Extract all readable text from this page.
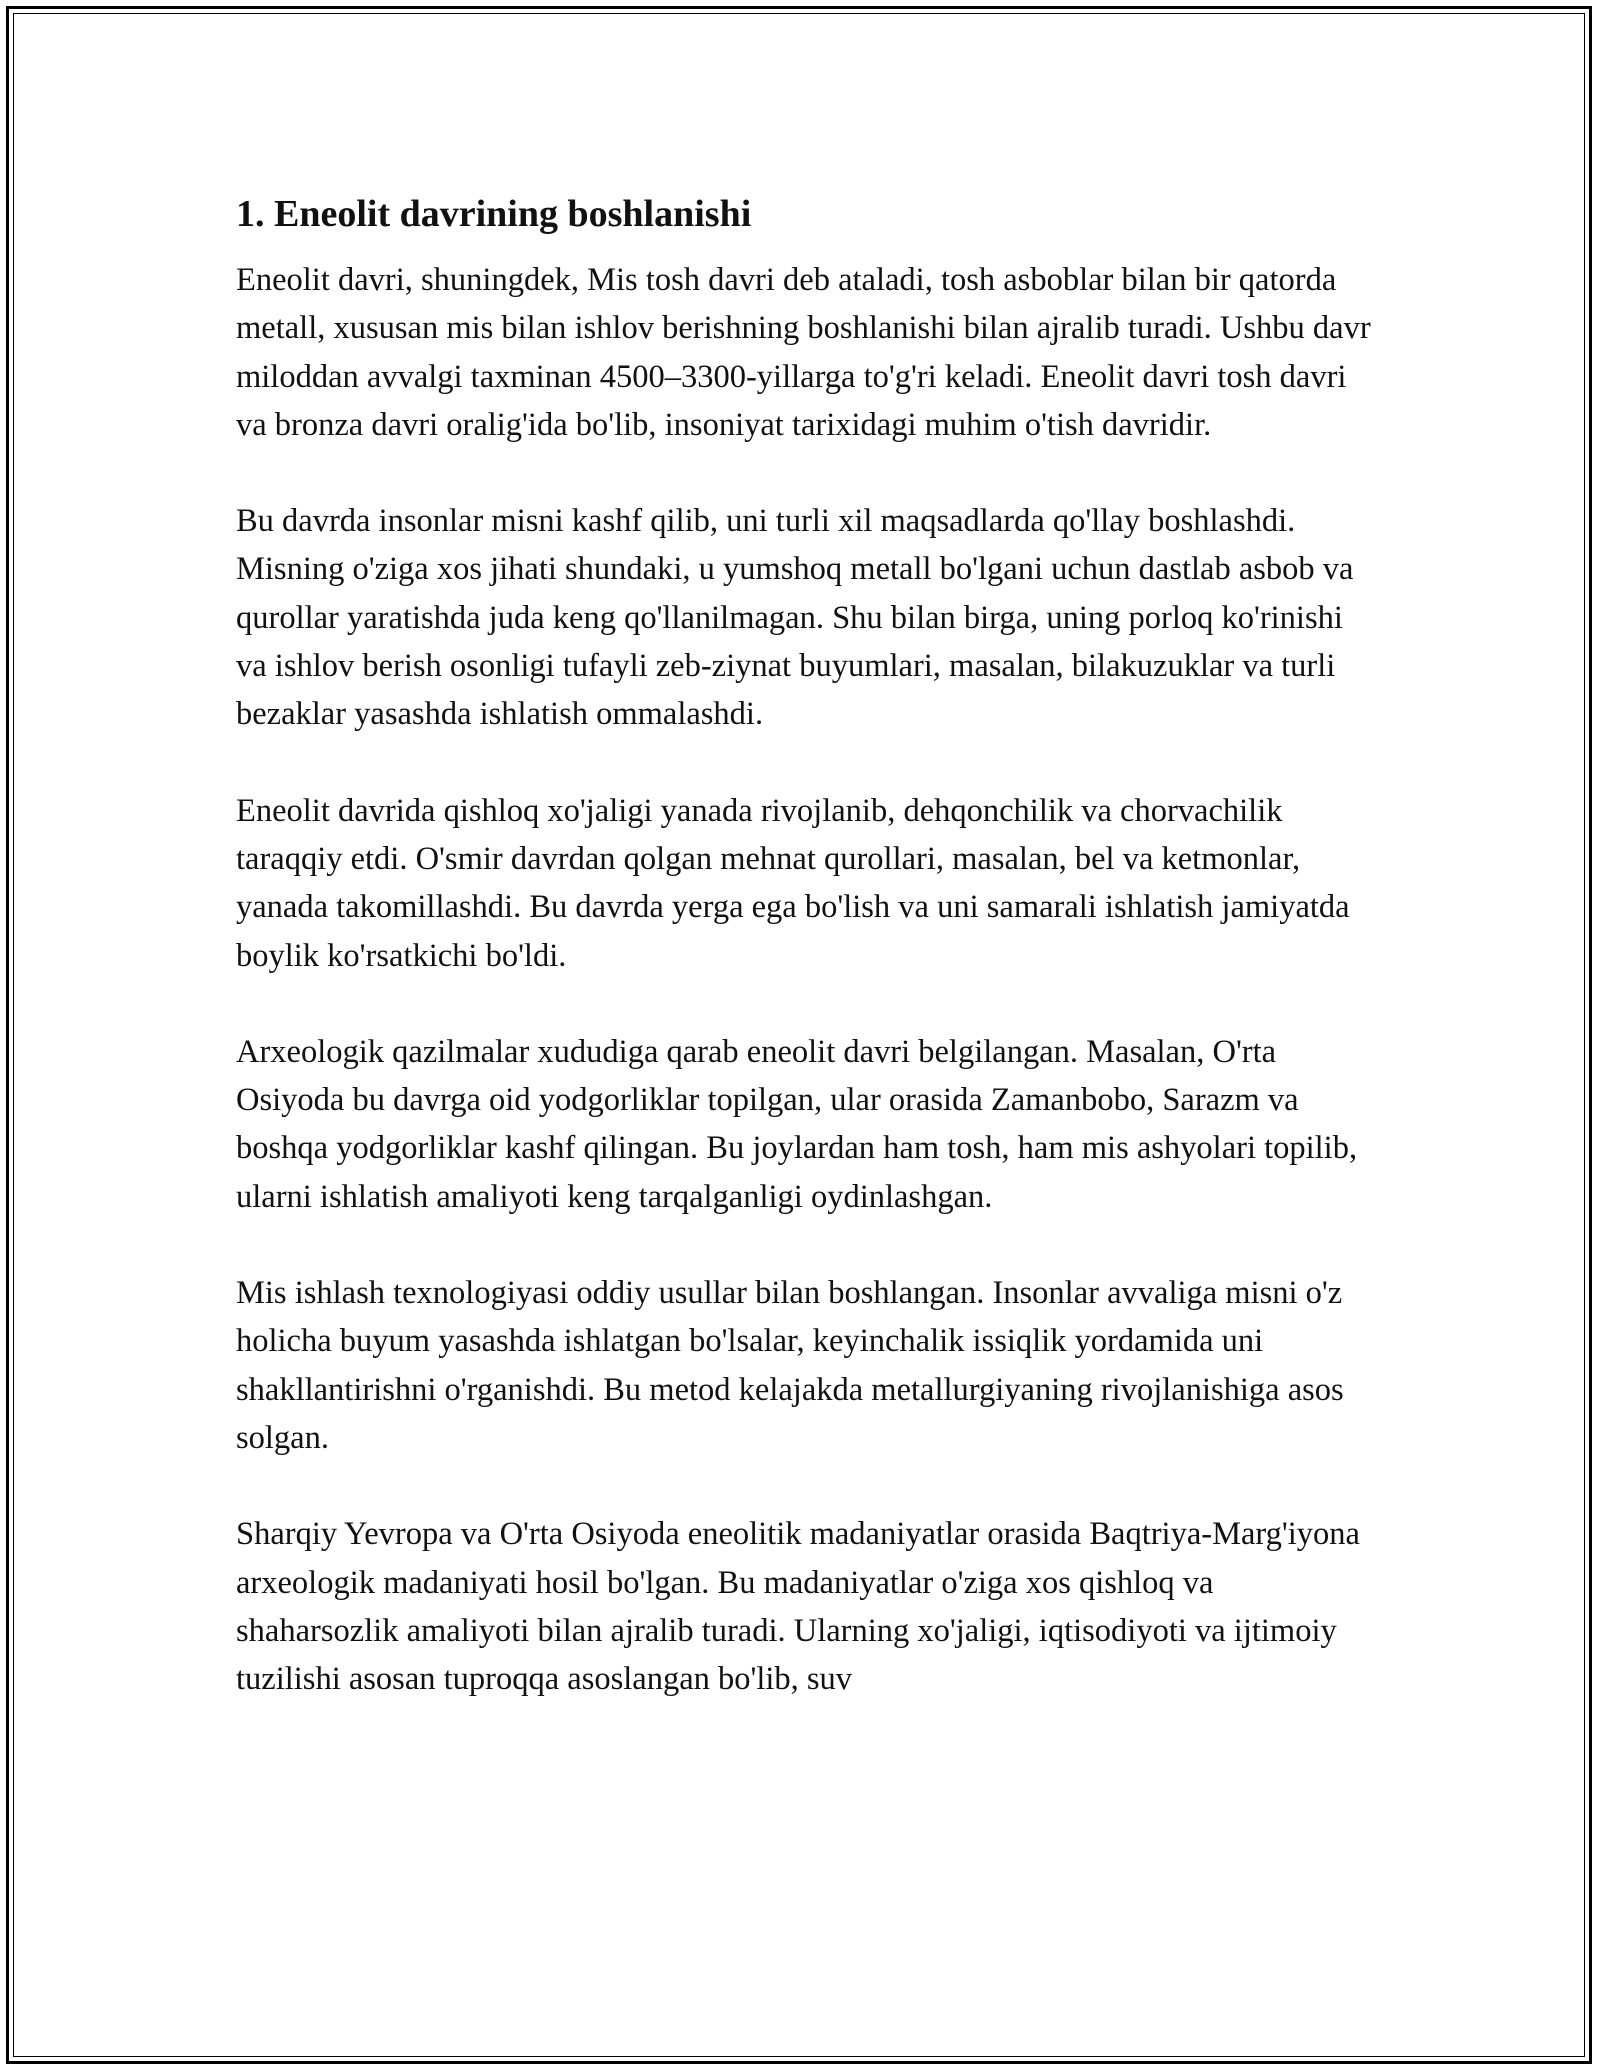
1. Eneolit davrining boshlanishi

Eneolit davri, shuningdek, Mis tosh davri deb ataladi, tosh asboblar bilan bir qatorda metall, xususan mis bilan ishlov berishning boshlanishi bilan ajralib turadi. Ushbu davr miloddan avvalgi taxminan 4500–3300-yillarga to'g'ri keladi. Eneolit davri tosh davri va bronza davri oralig'ida bo'lib, insoniyat tarixidagi muhim o'tish davridir.

Bu davrda insonlar misni kashf qilib, uni turli xil maqsadlarda qo'llay boshlashdi. Misning o'ziga xos jihati shundaki, u yumshoq metall bo'lgani uchun dastlab asbob va qurollar yaratishda juda keng qo'llanilmagan. Shu bilan birga, uning porloq ko'rinishi va ishlov berish osonligi tufayli zeb-ziynat buyumlari, masalan, bilakuzuklar va turli bezaklar yasashda ishlatish ommalashdi.

Eneolit davrida qishloq xo'jaligi yanada rivojlanib, dehqonchilik va chorvachilik taraqqiy etdi. O'smir davrdan qolgan mehnat qurollari, masalan, bel va ketmonlar, yanada takomillashdi. Bu davrda yerga ega bo'lish va uni samarali ishlatish jamiyatda boylik ko'rsatkichi bo'ldi.

Arxeologik qazilmalar xududiga qarab eneolit davri belgilangan. Masalan, O'rta Osiyoda bu davrga oid yodgorliklar topilgan, ular orasida Zamanbobo, Sarazm va boshqa yodgorliklar kashf qilingan. Bu joylardan ham tosh, ham mis ashyolari topilib, ularni ishlatish amaliyoti keng tarqalganligi oydinlashgan.

Mis ishlash texnologiyasi oddiy usullar bilan boshlangan. Insonlar avvaliga misni o'z holicha buyum yasashda ishlatgan bo'lsalar, keyinchalik issiqlik yordamida uni shakllantirishni o'rganishdi. Bu metod kelajakda metallurgiyaning rivojlanishiga asos solgan.

Sharqiy Yevropa va O'rta Osiyoda eneolitik madaniyatlar orasida Baqtriya-Marg'iyona arxeologik madaniyati hosil bo'lgan. Bu madaniyatlar o'ziga xos qishloq va shaharsozlik amaliyoti bilan ajralib turadi. Ularning xo'jaligi, iqtisodiyoti va ijtimoiy tuzilishi asosan tuproqqa asoslangan bo'lib, suv
